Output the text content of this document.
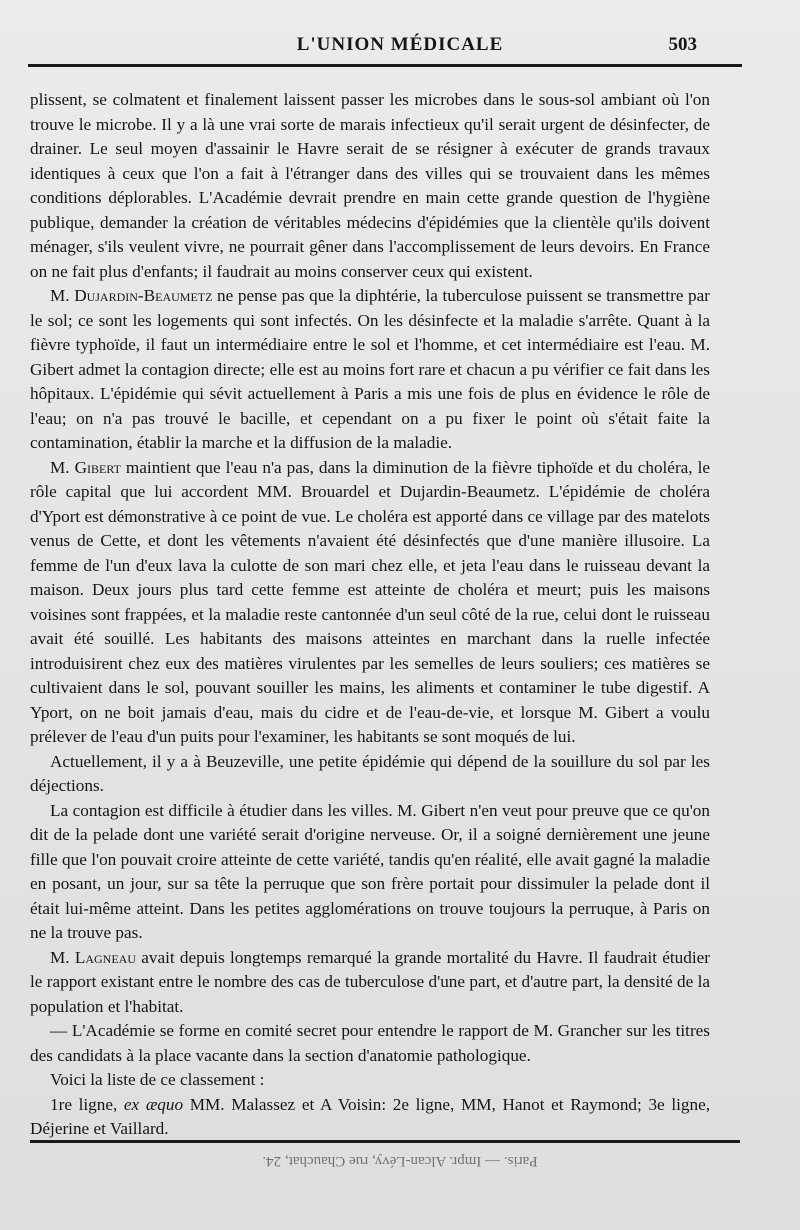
L'UNION MÉDICALE	503

plissent, se colmatent et finalement laissent passer les microbes dans le sous-sol ambiant où l'on trouve le microbe. Il y a là une vrai sorte de marais infectieux qu'il serait urgent de désinfecter, de drainer. Le seul moyen d'assainir le Havre serait de se résigner à exécuter de grands travaux identiques à ceux que l'on a fait à l'étranger dans des villes qui se trouvaient dans les mêmes conditions déplorables. L'Académie devrait prendre en main cette grande question de l'hygiène publique, demander la création de véritables médecins d'épidémies que la clientèle qu'ils doivent ménager, s'ils veulent vivre, ne pourrait gêner dans l'accomplissement de leurs devoirs. En France on ne fait plus d'enfants; il faudrait au moins conserver ceux qui existent.

M. Dujardin-Beaumetz ne pense pas que la diphtérie, la tuberculose puissent se transmettre par le sol; ce sont les logements qui sont infectés. On les désinfecte et la maladie s'arrête. Quant à la fièvre typhoïde, il faut un intermédiaire entre le sol et l'homme, et cet intermédiaire est l'eau. M. Gibert admet la contagion directe; elle est au moins fort rare et chacun a pu vérifier ce fait dans les hôpitaux. L'épidémie qui sévit actuellement à Paris a mis une fois de plus en évidence le rôle de l'eau; on n'a pas trouvé le bacille, et cependant on a pu fixer le point où s'était faite la contamination, établir la marche et la diffusion de la maladie.

M. Gibert maintient que l'eau n'a pas, dans la diminution de la fièvre tiphoïde et du choléra, le rôle capital que lui accordent MM. Brouardel et Dujardin-Beaumetz. L'épidémie de choléra d'Yport est démonstrative à ce point de vue. Le choléra est apporté dans ce village par des matelots venus de Cette, et dont les vêtements n'avaient été désinfectés que d'une manière illusoire. La femme de l'un d'eux lava la culotte de son mari chez elle, et jeta l'eau dans le ruisseau devant la maison. Deux jours plus tard cette femme est atteinte de choléra et meurt; puis les maisons voisines sont frappées, et la maladie reste cantonnée d'un seul côté de la rue, celui dont le ruisseau avait été souillé. Les habitants des maisons atteintes en marchant dans la ruelle infectée introduisirent chez eux des matières virulentes par les semelles de leurs souliers; ces matières se cultivaient dans le sol, pouvant souiller les mains, les aliments et contaminer le tube digestif. A Yport, on ne boit jamais d'eau, mais du cidre et de l'eau-de-vie, et lorsque M. Gibert a voulu prélever de l'eau d'un puits pour l'examiner, les habitants se sont moqués de lui.

Actuellement, il y a à Beuzeville, une petite épidémie qui dépend de la souillure du sol par les déjections.

La contagion est difficile à étudier dans les villes. M. Gibert n'en veut pour preuve que ce qu'on dit de la pelade dont une variété serait d'origine nerveuse. Or, il a soigné dernièrement une jeune fille que l'on pouvait croire atteinte de cette variété, tandis qu'en réalité, elle avait gagné la maladie en posant, un jour, sur sa tête la perruque que son frère portait pour dissimuler la pelade dont il était lui-même atteint. Dans les petites agglomérations on trouve toujours la perruque, à Paris on ne la trouve pas.

M. Lagneau avait depuis longtemps remarqué la grande mortalité du Havre. Il faudrait étudier le rapport existant entre le nombre des cas de tuberculose d'une part, et d'autre part, la densité de la population et l'habitat.

— L'Académie se forme en comité secret pour entendre le rapport de M. Grancher sur les titres des candidats à la place vacante dans la section d'anatomie pathologique.

Voici la liste de ce classement :

1re ligne, ex æquo MM. Malassez et A Voisin: 2e ligne, MM, Hanot et Raymond; 3e ligne, Déjerine et Vaillard.

Paris. — Impr. Alcan-Lévy, rue Chauchat, 24.
